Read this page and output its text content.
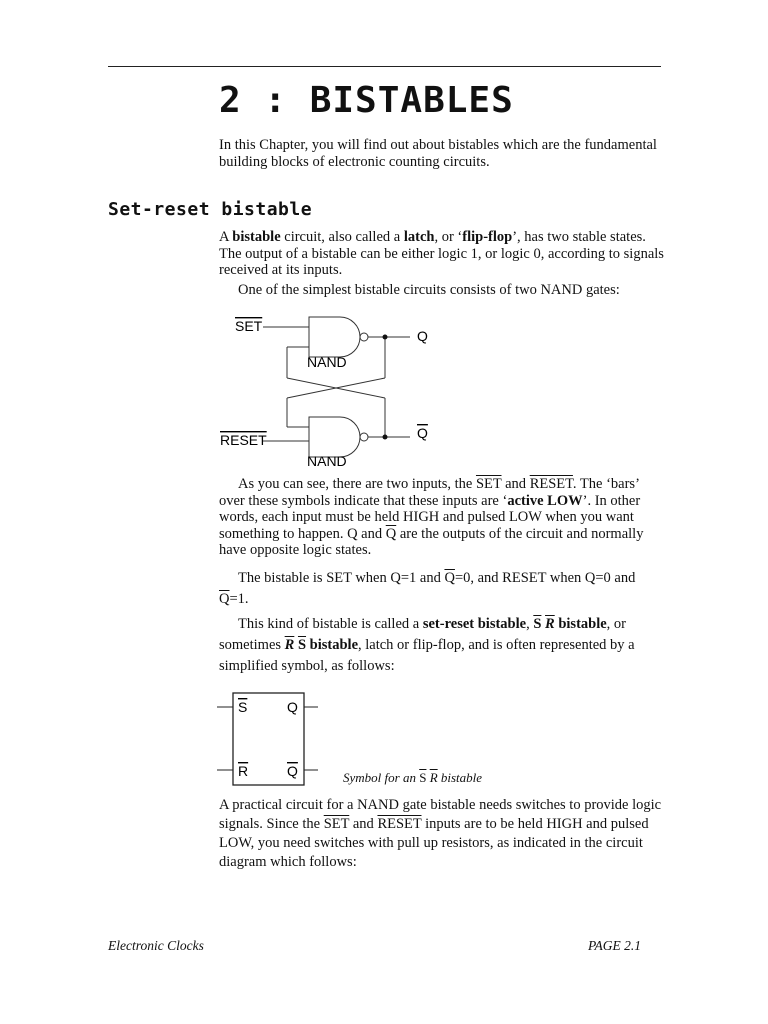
2 : BISTABLES

In this Chapter, you will find out about bistables which are the fundamental building blocks of electronic counting circuits.

Set-reset bistable

A bistable circuit, also called a latch, or ‘flip-flop’, has two stable states. The output of a bistable can be either logic 1, or logic 0, according to signals received at its inputs.

One of the simplest bistable circuits consists of two NAND gates:

SET
RESET
NAND
NAND
Q
Q

As you can see, there are two inputs, the $\overline{SET}$ and RESET. The ‘bars’ over these symbols indicate that these inputs are ‘active LOW’. In other words, each input must be held HIGH and pulsed LOW when you want something to happen. Q and $\overline{Q}$ are the outputs of the circuit and normally have opposite logic states.

The bistable is SET when Q=1 and $\overline{Q}=0$, and RESET when Q=0 and $\overline{Q}=1$.

This kind of bistable is called a set-reset bistable, $\overline{S}$ $\overline{R}$ bistable, or sometimes $\overline{R}$ $\overline{S}$ bistable, latch or flip-flop, and is often represented by a simplified symbol, as follows:

S	Q
R	Q	Symbol for an $\overline{S}$ $\overline{R}$ bistable

A practical circuit for a NAND gate bistable needs switches to provide logic signals. Since the $\overline{SET}$ and RESET inputs are to be held HIGH and pulsed LOW, you need switches with pull up resistors, as indicated in the circuit diagram which follows:

Electronic Clocks	PAGE 2.1
